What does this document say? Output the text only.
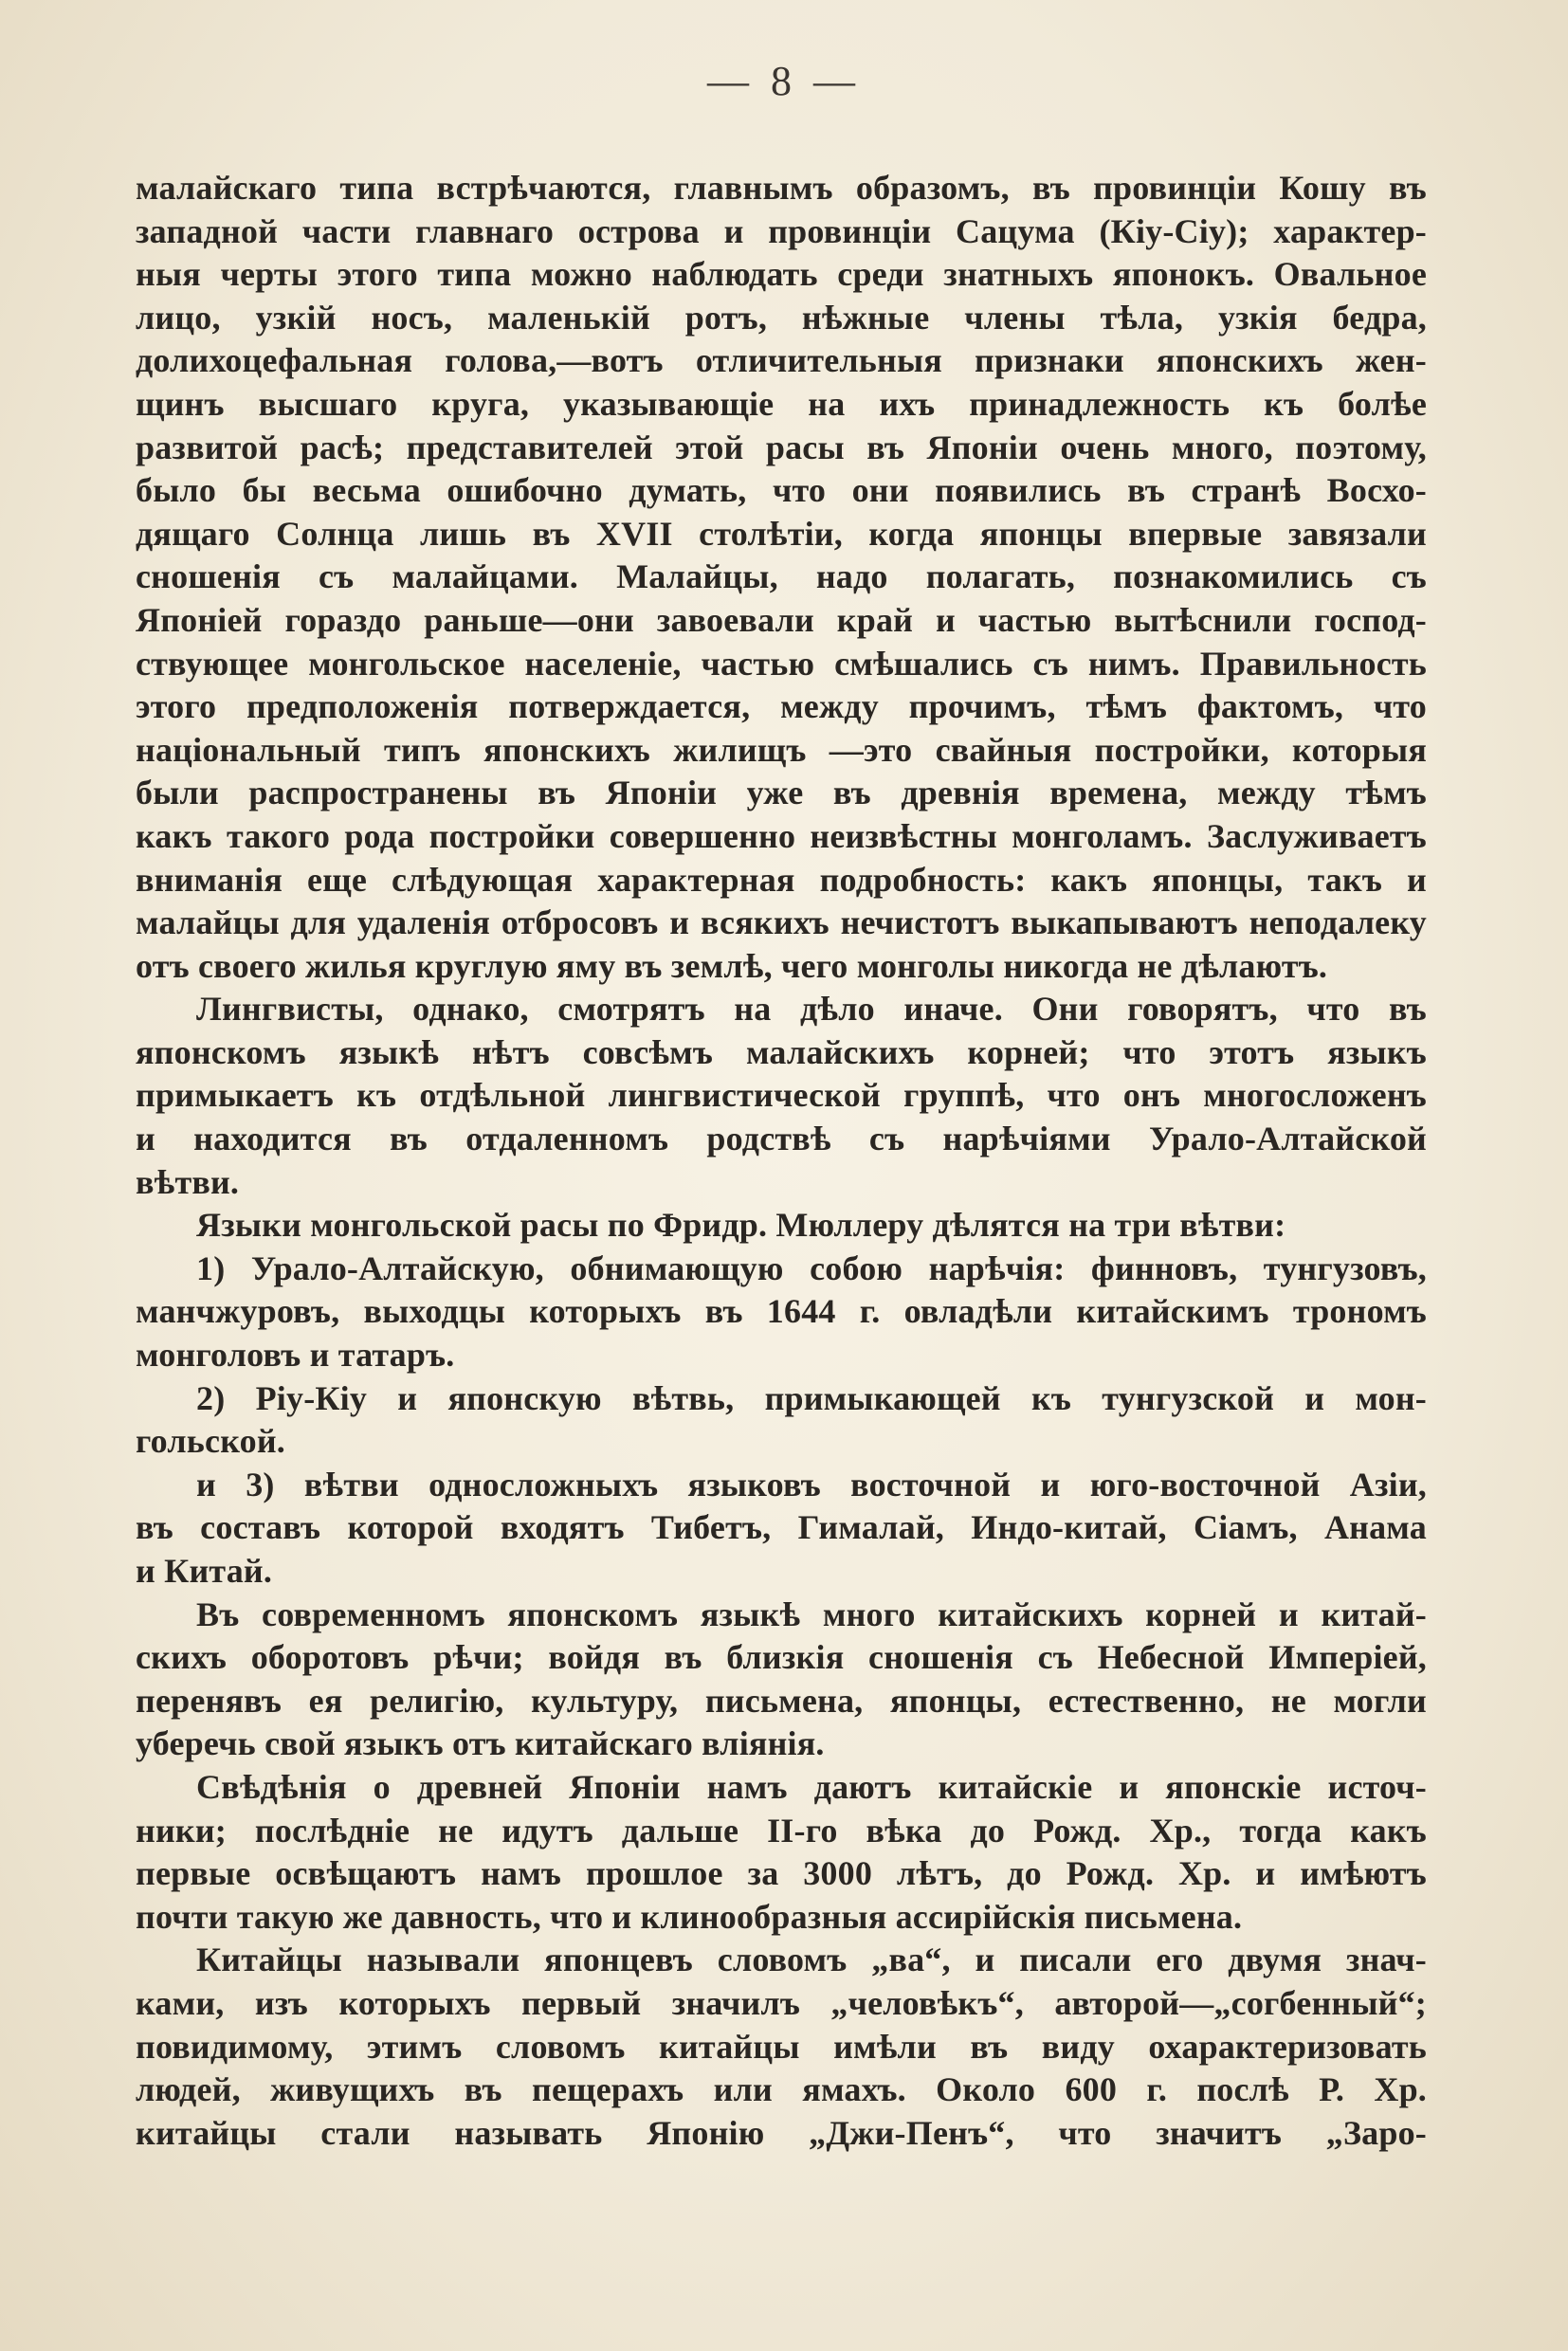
— 8 —
малайскаго типа встрѣчаются, главнымъ образомъ, въ провинціи Кошу въ
западной части главнаго острова и провинціи Сацума (Кіу-Сіу); характер-
ныя черты этого типа можно наблюдать среди знатныхъ японокъ. Овальное
лицо, узкій носъ, маленькій ротъ, нѣжные члены тѣла, узкія бедра,
долихоцефальная голова,—вотъ отличительныя признаки японскихъ жен-
щинъ высшаго круга, указывающіе на ихъ принадлежность къ болѣе
развитой расѣ; представителей этой расы въ Японіи очень много, поэтому,
было бы весьма ошибочно думать, что они появились въ странѣ Восхо-
дящаго Солнца лишь въ XVII столѣтіи, когда японцы впервые завязали
сношенія съ малайцами. Малайцы, надо полагать, познакомились съ
Японіей гораздо раньше—они завоевали край и частью вытѣснили господ-
ствующее монгольское населеніе, частью смѣшались съ нимъ. Правильность
этого предположенія потверждается, между прочимъ, тѣмъ фактомъ, что
національный типъ японскихъ жилищъ —это свайныя постройки, которыя
были распространены въ Японіи уже въ древнія времена, между тѣмъ
какъ такого рода постройки совершенно неизвѣстны монголамъ. Заслуживаетъ
вниманія еще слѣдующая характерная подробность: какъ японцы, такъ и
малайцы для удаленія отбросовъ и всякихъ нечистотъ выкапываютъ неподалеку
отъ своего жилья круглую яму въ землѣ, чего монголы никогда не дѣлаютъ.
Лингвисты, однако, смотрятъ на дѣло иначе. Они говорятъ, что въ
японскомъ языкѣ нѣтъ совсѣмъ малайскихъ корней; что этотъ языкъ
примыкаетъ къ отдѣльной лингвистической группѣ, что онъ многосложенъ
и находится въ отдаленномъ родствѣ съ нарѣчіями Урало-Алтайской
вѣтви.
Языки монгольской расы по Фридр. Мюллеру дѣлятся на три вѣтви:
1) Урало-Алтайскую, обнимающую собою нарѣчія: финновъ, тунгузовъ,
манчжуровъ, выходцы которыхъ въ 1644 г. овладѣли китайскимъ трономъ
монголовъ и татаръ.
2) Ріу-Кіу и японскую вѣтвь, примыкающей къ тунгузской и мон-
гольской.
и 3) вѣтви односложныхъ языковъ восточной и юго-восточной Азіи,
въ составъ которой входятъ Тибетъ, Гималай, Индо-китай, Сіамъ, Анама
и Китай.
Въ современномъ японскомъ языкѣ много китайскихъ корней и китай-
скихъ оборотовъ рѣчи; войдя въ близкія сношенія съ Небесной Имперіей,
перенявъ ея религію, культуру, письмена, японцы, естественно, не могли
уберечь свой языкъ отъ китайскаго вліянія.
Свѣдѣнія о древней Японіи намъ даютъ китайскіе и японскіе источ-
ники; послѣдніе не идутъ дальше II-го вѣка до Рожд. Хр., тогда какъ
первые освѣщаютъ намъ прошлое за 3000 лѣтъ, до Рожд. Хр. и имѣютъ
почти такую же давность, что и клинообразныя ассирійскія письмена.
Китайцы называли японцевъ словомъ „ва“, и писали его двумя знач-
ками, изъ которыхъ первый значилъ „человѣкъ“, авторой—„согбенный“;
повидимому, этимъ словомъ китайцы имѣли въ виду охарактеризовать
людей, живущихъ въ пещерахъ или ямахъ. Около 600 г. послѣ Р. Хр.
китайцы стали называть Японію „Джи-Пенъ“, что значитъ „Заро-
